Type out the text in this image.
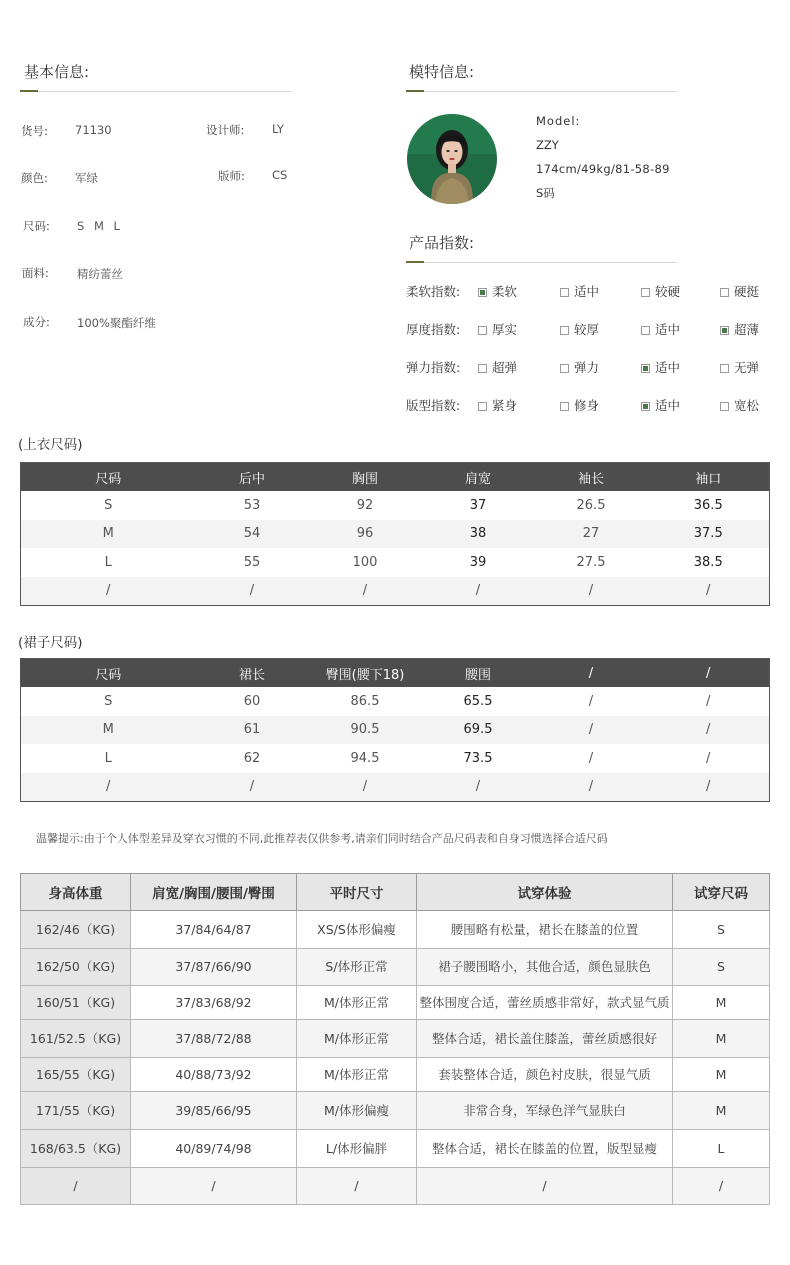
基本信息:
货号: 71130	设计师: LY
颜色: 军绿	版师: CS
尺码: S M L
面料: 精纺蕾丝
成分: 100%聚酯纤维
模特信息:
Model:
ZZY
174cm/49kg/81-58-89
S码
产品指数:
柔软指数:	柔软	适中	较硬	硬挺
厚度指数:	厚实	较厚	适中	超薄
弹力指数:	超弹	弹力	适中	无弹
版型指数:	紧身	修身	适中	宽松
(上衣尺码)
尺码	后中	胸围	肩宽	袖长	袖口
S	53	92	37	26.5	36.5
M	54	96	38	27	37.5
L	55	100	39	27.5	38.5
/	/	/	/	/	/
(裙子尺码)
尺码	裙长	臀围(腰下18)	腰围	/	/
S	60	86.5	65.5	/	/
M	61	90.5	69.5	/	/
L	62	94.5	73.5	/	/
/	/	/	/	/	/
温馨提示:由于个人体型差异及穿衣习惯的不同,此推荐表仅供参考,请亲们同时结合产品尺码表和自身习惯选择合适尺码
身高体重	肩宽/胸围/腰围/臀围	平时尺寸	试穿体验	试穿尺码
162/46（KG)	37/84/64/87	XS/S体形偏瘦	腰围略有松量，裙长在膝盖的位置	S
162/50（KG)	37/87/66/90	S/体形正常	裙子腰围略小，其他合适，颜色显肤色	S
160/51（KG)	37/83/68/92	M/体形正常	整体围度合适，蕾丝质感非常好，款式显气质	M
161/52.5（KG)	37/88/72/88	M/体形正常	整体合适，裙长盖住膝盖，蕾丝质感很好	M
165/55（KG)	40/88/73/92	M/体形正常	套装整体合适，颜色衬皮肤，很显气质	M
171/55（KG)	39/85/66/95	M/体形偏瘦	非常合身，军绿色洋气显肤白	M
168/63.5（KG)	40/89/74/98	L/体形偏胖	整体合适，裙长在膝盖的位置，版型显瘦	L
/	/	/	/	/
